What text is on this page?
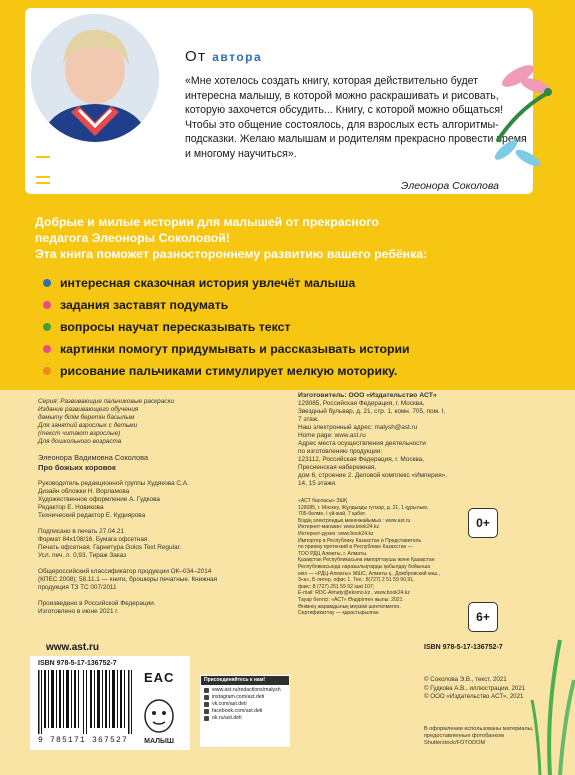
От автора
«Мне хотелось создать книгу, которая действительно будет интересна малышу, в которой можно раскрашивать и рисовать, которую захочется обсудить... Книгу, с которой можно общаться! Чтобы это общение состоялось, для взрослых есть алгоритмы-подсказки. Желаю малышам и родителям прекрасно провести время и многому научиться».
Элеонора Соколова
Добрые и милые истории для малышей от прекрасного
педагога Элеоноры Соколовой!
Эта книга поможет разностороннему развитию вашего ребёнка:
интересная сказочная история увлечёт малыша
задания заставят подумать
вопросы научат пересказывать текст
картинки помогут придумывать и рассказывать истории
рисование пальчиками стимулирует мелкую моторику.
Серия: Развивающие пальчиковые раскраски
Издание развивающего обучения
дамыту білім беретін басылым
Для занятий взрослых с детьми
(текст читают взрослые)
Для дошкольного возраста
Элеонора Вадимовна Соколова
Про божьих коровок
Руководитель редакционной группы Худякова С.А.
Дизайн обложки Н. Ворламова
Художественное оформление А. Гудкова
Редактор Е. Новикова
Технический редактор Е. Кудиярова
Подписано в печать 27.04.21
Формат 84х108/16. Бумага офсетная.
Печать офсетная. Гарнитура Golos Text Regular.
Усл. печ. л. 0,93. Тираж Заказ
Общероссийский классификатор продукции ОК–034–2014
(КПЕС 2008); 58.11.1 — книги, брошюры печатные. Книжная
продукция ТЗ ТС 007/2011
Произведено в Российской Федерации.
Изготовлено в июне 2021 г.
Изготовитель: ООО «Издательство АСТ»
129085, Российская Федерация, г. Москва,
Звездный бульвар, д. 21, стр. 1, комн. 705, пом. I,
7 этаж.
Наш электронный адрес: malysh@ast.ru
Home page: www.ast.ru
Адрес места осуществления деятельности
по изготовлению продукции:
123112, Российская Федерация, г. Москва,
Пресненская набережная,
дом 6, строение 2. Деловой комплекс «Империя»,
14, 15 этажи.
0+
«АСТ баспасы» ЗШҚ
129085, г. Мәскеу, Жұлдызды гүлзар, д. 21, 1 құрылым,
705-бөлме, I үй-жай, 7 қабат.
Біздің электрондық мекенжайымыз : www.ast.ru
Интернет-магазин: www.book24.kz
Интернет-дүкен: www.book24.kz
Импортер в Республику Казахстан и Представитель
по приему претензий в Республике Казахстан —
ТОО РДЦ Алматы, г. Алматы.
Қазақстан Республикасына импорттаушы және Қазақстан
Республикасында наразылықтарды қабылдау бойынша
өкіл — «РДЦ-Алматы» ЖШС, Алматы қ., Домбровский көш.,
3«а», Б литер, офис 1. Тел.: 8(727) 2 51 59 90,91,
факс: 8 (727) 251 59 92 ішкі 107;
E-mail: RDC-Almaty@eksmo.kz , www.book24.kz
Тауар белгісі: «АСТ» Өндірілген жылы: 2021
Өнімнің жарамдылық мерзімі шектелмеген.
Сертификаттау — қарастырылған	6+
www.ast.ru
ISBN 978-5-17-136752-7
9 785171 367527
EAC
МАЛЫШ
Присоединяйтесь к нам!
www.ast.ru/redactions/malysh
instagram.com/ast.deti
vk.com/ast.deti
facebook.com/ast.deti
ok.ru/ast.deti
ISBN 978-5-17-136752-7
© Соколова Э.В., текст, 2021
© Гудкова А.В., иллюстрации, 2021
© ООО «Издательство АСТ», 2021
В оформлении использованы материалы,
предоставленные фотобанком
Shutterstock/FOTODOM
